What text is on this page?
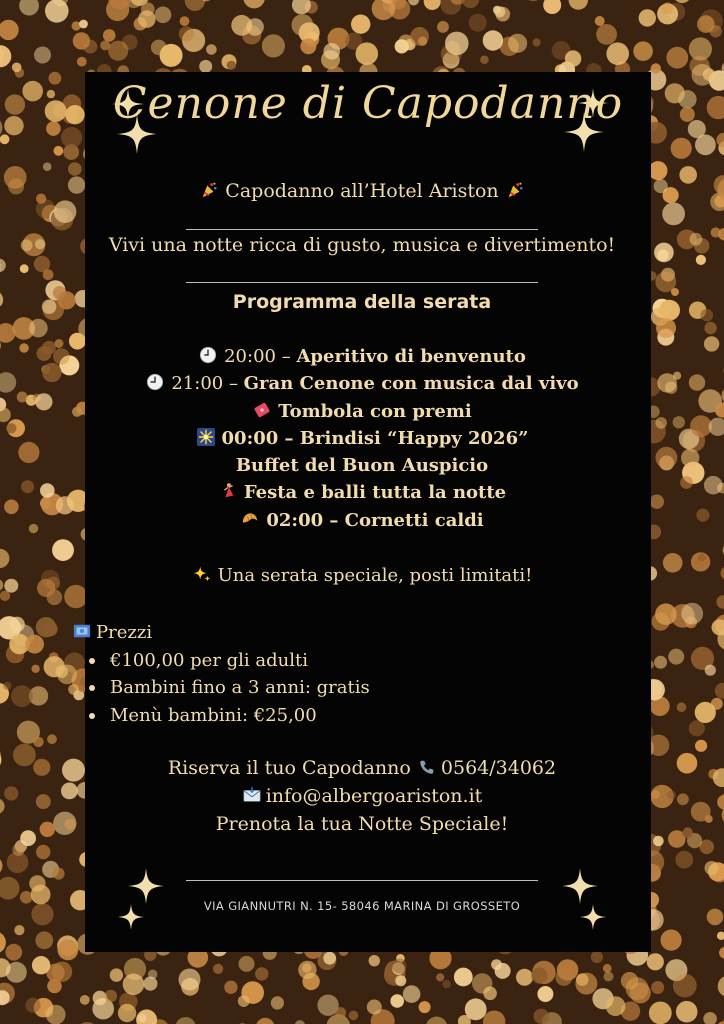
Cenone di Capodanno
Capodanno all’Hotel Ariston
Vivi una notte ricca di gusto, musica e divertimento!
Programma della serata
20:00 – Aperitivo di benvenuto
21:00 – Gran Cenone con musica dal vivo
Tombola con premi
00:00 – Brindisi “Happy 2026”
Buffet del Buon Auspicio
Festa e balli tutta la notte
02:00 – Cornetti caldi
Una serata speciale, posti limitati!
Prezzi
€100,00 per gli adulti
Bambini fino a 3 anni: gratis
Menù bambini: €25,00
Riserva il tuo Capodanno 0564/34062
info@albergoariston.it
Prenota la tua Notte Speciale!
VIA GIANNUTRI N. 15- 58046 MARINA DI GROSSETO
